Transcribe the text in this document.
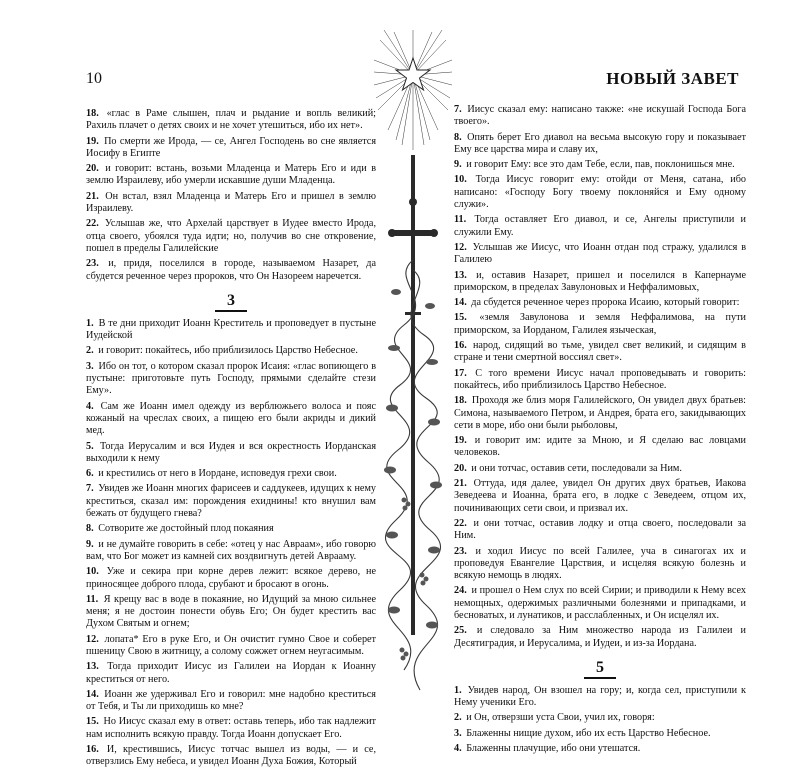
10	НОВЫЙ ЗАВЕТ

18. «глас в Раме слышен, плач и рыдание и вопль великий; Рахиль плачет о детях своих и не хочет утешиться, ибо их нет».

19. По смерти же Ирода, — се, Ангел Господень во сне является Иосифу в Египте

20. и говорит: встань, возьми Младенца и Матерь Его и иди в землю Израилеву, ибо умерли искавшие души Младенца.

21. Он встал, взял Младенца и Матерь Его и пришел в землю Израилеву.

22. Услышав же, что Архелай царствует в Иудее вместо Ирода, отца своего, убоялся туда идти; но, получив во сне откровение, пошел в пределы Галилейские

23. и, придя, поселился в городе, называемом Назарет, да сбудется реченное через пророков, что Он Назореем наречется.

3

1. В те дни приходит Иоанн Креститель и проповедует в пустыне Иудейской

2. и говорит: покайтесь, ибо приблизилось Царство Небесное.

3. Ибо он тот, о котором сказал пророк Исаия: «глас вопиющего в пустыне: приготовьте путь Господу, прямыми сделайте стези Ему».

4. Сам же Иоанн имел одежду из верблюжьего волоса и пояс кожаный на чреслах своих, а пищею его были акриды и дикий мед.

5. Тогда Иерусалим и вся Иудея и вся окрестность Иорданская выходили к нему

6. и крестились от него в Иордане, исповедуя грехи свои.

7. Увидев же Иоанн многих фарисеев и саддукеев, идущих к нему креститься, сказал им: порождения ехиднины! кто внушил вам бежать от будущего гнева?

8. Сотворите же достойный плод покаяния

9. и не думайте говорить в себе: «отец у нас Авраам», ибо говорю вам, что Бог может из камней сих воздвигнуть детей Аврааму.

10. Уже и секира при корне дерев лежит: всякое дерево, не приносящее доброго плода, срубают и бросают в огонь.

11. Я крещу вас в воде в покаяние, но Идущий за мною сильнее меня; я не достоин понести обувь Его; Он будет крестить вас Духом Святым и огнем;

12. лопата* Его в руке Его, и Он очистит гумно Свое и соберет пшеницу Свою в житницу, а солому сожжет огнем неугасимым.

13. Тогда приходит Иисус из Галилеи на Иордан к Иоанну креститься от него.

14. Иоанн же удерживал Его и говорил: мне надобно креститься от Тебя, и Ты ли приходишь ко мне?

15. Но Иисус сказал ему в ответ: оставь теперь, ибо так надлежит нам исполнить всякую правду. Тогда Иоанн допускает Его.

16. И, крестившись, Иисус тотчас вышел из воды, — и се, отверзлись Ему небеса, и увидел Иоанн Духа Божия, Который

7. Иисус сказал ему: написано также: «не искушай Господа Бога твоего».

8. Опять берет Его диавол на весьма высокую гору и показывает Ему все царства мира и славу их,

9. и говорит Ему: все это дам Тебе, если, пав, поклонишься мне.

10. Тогда Иисус говорит ему: отойди от Меня, сатана, ибо написано: «Господу Богу твоему поклоняйся и Ему одному служи».

11. Тогда оставляет Его диавол, и се, Ангелы приступили и служили Ему.

12. Услышав же Иисус, что Иоанн отдан под стражу, удалился в Галилею

13. и, оставив Назарет, пришел и поселился в Капернауме приморском, в пределах Завулоновых и Неффалимовых,

14. да сбудется реченное через пророка Исаию, который говорит:

15. «земля Завулонова и земля Неффалимова, на пути приморском, за Иорданом, Галилея языческая,

16. народ, сидящий во тьме, увидел свет великий, и сидящим в стране и тени смертной воссиял свет».

17. С того времени Иисус начал проповедывать и говорить: покайтесь, ибо приблизилось Царство Небесное.

18. Проходя же близ моря Галилейского, Он увидел двух братьев: Симона, называемого Петром, и Андрея, брата его, закидывающих сети в море, ибо они были рыболовы,

19. и говорит им: идите за Мною, и Я сделаю вас ловцами человеков.

20. и они тотчас, оставив сети, последовали за Ним.

21. Оттуда, идя далее, увидел Он других двух братьев, Иакова Зеведеева и Иоанна, брата его, в лодке с Зеведеем, отцом их, починивающих сети свои, и призвал их.

22. и они тотчас, оставив лодку и отца своего, последовали за Ним.

23. и ходил Иисус по всей Галилее, уча в синагогах их и проповедуя Евангелие Царствия, и исцеляя всякую болезнь и всякую немощь в людях.

24. и прошел о Нем слух по всей Сирии; и приводили к Нему всех немощных, одержимых различными болезнями и припадками, и бесноватых, и лунатиков, и расслабленных, и Он исцелял их.

25. и следовало за Ним множество народа из Галилеи и Десятиградия, и Иерусалима, и Иудеи, и из-за Иордана.

5

1. Увидев народ, Он взошел на гору; и, когда сел, приступили к Нему ученики Его.

2. и Он, отверзши уста Свои, учил их, говоря:

3. Блаженны нищие духом, ибо их есть Царство Небесное.

4. Блаженны плачущие, ибо они утешатся.
